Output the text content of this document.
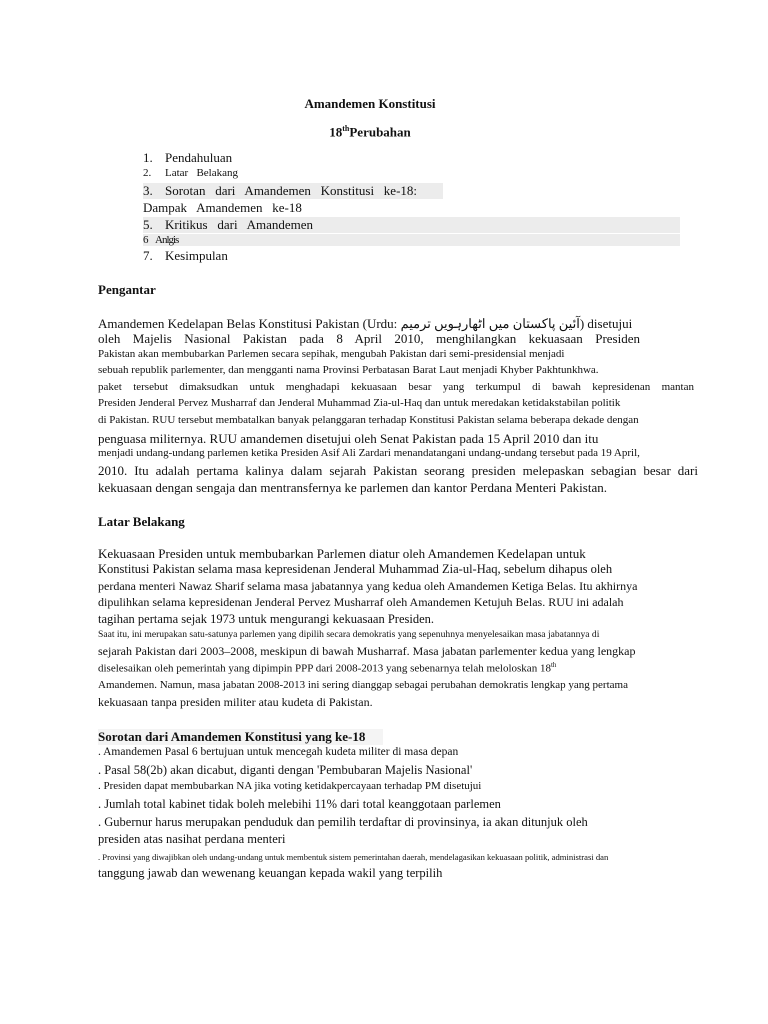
Amandemen Konstitusi
18thPerubahan
1. Pendahuluan
2. Latar   Belakang
3. Sorotan   dari   Amandemen   Konstitusi   ke-18:
Dampak   Amandemen   ke-18
5. Kritikus   dari   Amandemen
6 Anlgis
7. Kesimpulan
Pengantar
Amandemen Kedelapan Belas Konstitusi Pakistan (Urdu: آئین پاکستان میں اٹھارہویں ترمیم) disetujui
oleh Majelis Nasional Pakistan pada 8 April 2010, menghilangkan kekuasaan Presiden
Pakistan akan membubarkan Parlemen secara sepihak, mengubah Pakistan dari semi-presidensial menjadi
sebuah republik parlementer, dan mengganti nama Provinsi Perbatasan Barat Laut menjadi Khyber Pakhtunkhwa.
paket tersebut dimaksudkan untuk menghadapi kekuasaan besar yang terkumpul di bawah kepresidenan mantan
Presiden Jenderal Pervez Musharraf dan Jenderal Muhammad Zia-ul-Haq dan untuk meredakan ketidakstabilan politik
di Pakistan. RUU tersebut membatalkan banyak pelanggaran terhadap Konstitusi Pakistan selama beberapa dekade dengan
penguasa militernya. RUU amandemen disetujui oleh Senat Pakistan pada 15 April 2010 dan itu
menjadi undang-undang parlemen ketika Presiden Asif Ali Zardari menandatangani undang-undang tersebut pada 19 April,
2010. Itu adalah pertama kalinya dalam sejarah Pakistan seorang presiden melepaskan sebagian besar dari
kekuasaan dengan sengaja dan mentransfernya ke parlemen dan kantor Perdana Menteri Pakistan.
Latar Belakang
Kekuasaan Presiden untuk membubarkan Parlemen diatur oleh Amandemen Kedelapan untuk
Konstitusi Pakistan selama masa kepresidenan Jenderal Muhammad Zia-ul-Haq, sebelum dihapus oleh
perdana menteri Nawaz Sharif selama masa jabatannya yang kedua oleh Amandemen Ketiga Belas. Itu akhirnya
dipulihkan selama kepresidenan Jenderal Pervez Musharraf oleh Amandemen Ketujuh Belas. RUU ini adalah
tagihan pertama sejak 1973 untuk mengurangi kekuasaan Presiden.
Saat itu, ini merupakan satu-satunya parlemen yang dipilih secara demokratis yang sepenuhnya menyelesaikan masa jabatannya di
sejarah Pakistan dari 2003–2008, meskipun di bawah Musharraf. Masa jabatan parlementer kedua yang lengkap
diselesaikan oleh pemerintah yang dipimpin PPP dari 2008-2013 yang sebenarnya telah meloloskan 18th
Amandemen. Namun, masa jabatan 2008-2013 ini sering dianggap sebagai perubahan demokratis lengkap yang pertama
kekuasaan tanpa presiden militer atau kudeta di Pakistan.
Sorotan dari Amandemen Konstitusi yang ke-18
. Amandemen Pasal 6 bertujuan untuk mencegah kudeta militer di masa depan
. Pasal 58(2b) akan dicabut, diganti dengan 'Pembubaran Majelis Nasional'
. Presiden dapat membubarkan NA jika voting ketidakpercayaan terhadap PM disetujui
. Jumlah total kabinet tidak boleh melebihi 11% dari total keanggotaan parlemen
. Gubernur harus merupakan penduduk dan pemilih terdaftar di provinsinya, ia akan ditunjuk oleh
presiden atas nasihat perdana menteri
. Provinsi yang diwajibkan oleh undang-undang untuk membentuk sistem pemerintahan daerah, mendelagasikan kekuasaan politik, administrasi dan
tanggung jawab dan wewenang keuangan kepada wakil yang terpilih
